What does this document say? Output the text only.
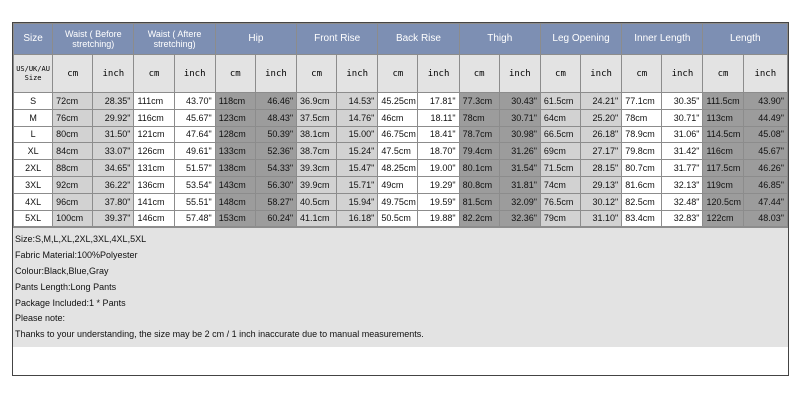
Size	Waist ( Before stretching)		Waist ( Aftere stretching)		Hip		Front Rise		Back Rise		Thigh		Leg Opening		Inner Length		Length	
US/UK/AU Size	cm	inch	cm	inch	cm	inch	cm	inch	cm	inch	cm	inch	cm	inch	cm	inch	cm	inch
S	72cm	28.35"	111cm	43.70"	118cm	46.46"	36.9cm	14.53"	45.25cm	17.81"	77.3cm	30.43"	61.5cm	24.21"	77.1cm	30.35"	111.5cm	43.90"
M	76cm	29.92"	116cm	45.67"	123cm	48.43"	37.5cm	14.76"	46cm	18.11"	78cm	30.71"	64cm	25.20"	78cm	30.71"	113cm	44.49"
L	80cm	31.50"	121cm	47.64"	128cm	50.39"	38.1cm	15.00"	46.75cm	18.41"	78.7cm	30.98"	66.5cm	26.18"	78.9cm	31.06"	114.5cm	45.08"
XL	84cm	33.07"	126cm	49.61"	133cm	52.36"	38.7cm	15.24"	47.5cm	18.70"	79.4cm	31.26"	69cm	27.17"	79.8cm	31.42"	116cm	45.67"
2XL	88cm	34.65"	131cm	51.57"	138cm	54.33"	39.3cm	15.47"	48.25cm	19.00"	80.1cm	31.54"	71.5cm	28.15"	80.7cm	31.77"	117.5cm	46.26"
3XL	92cm	36.22"	136cm	53.54"	143cm	56.30"	39.9cm	15.71"	49cm	19.29"	80.8cm	31.81"	74cm	29.13"	81.6cm	32.13"	119cm	46.85"
4XL	96cm	37.80"	141cm	55.51"	148cm	58.27"	40.5cm	15.94"	49.75cm	19.59"	81.5cm	32.09"	76.5cm	30.12"	82.5cm	32.48"	120.5cm	47.44"
5XL	100cm	39.37"	146cm	57.48"	153cm	60.24"	41.1cm	16.18"	50.5cm	19.88"	82.2cm	32.36"	79cm	31.10"	83.4cm	32.83"	122cm	48.03"
Size:S,M,L,XL,2XL,3XL,4XL,5XL
Fabric Material:100%Polyester
Colour:Black,Blue,Gray
Pants Length:Long Pants
Package Included:1 * Pants
Please note:
Thanks to your understanding, the size may be 2 cm / 1 inch inaccurate due to manual measurements.
